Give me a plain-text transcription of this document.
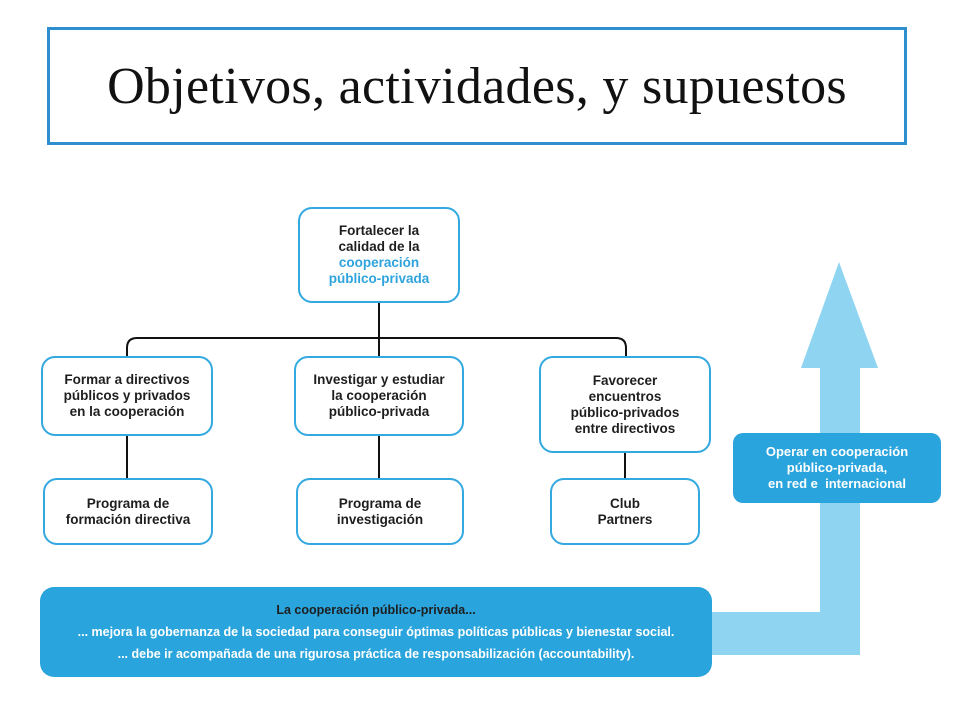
Objetivos, actividades, y supuestos
Fortalecer la
calidad de la
cooperación
público-privada
Formar a directivos
públicos y privados
en la cooperación
Investigar y estudiar
la cooperación
público-privada
Favorecer
encuentros
público-privados
entre directivos
Programa de
formación directiva
Programa de
investigación
Club
Partners
Operar en cooperación
público-privada,
en red e  internacional
La cooperación público-privada...
... mejora la gobernanza de la sociedad para conseguir óptimas políticas públicas y bienestar social.
... debe ir acompañada de una rigurosa práctica de responsabilización (accountability).
